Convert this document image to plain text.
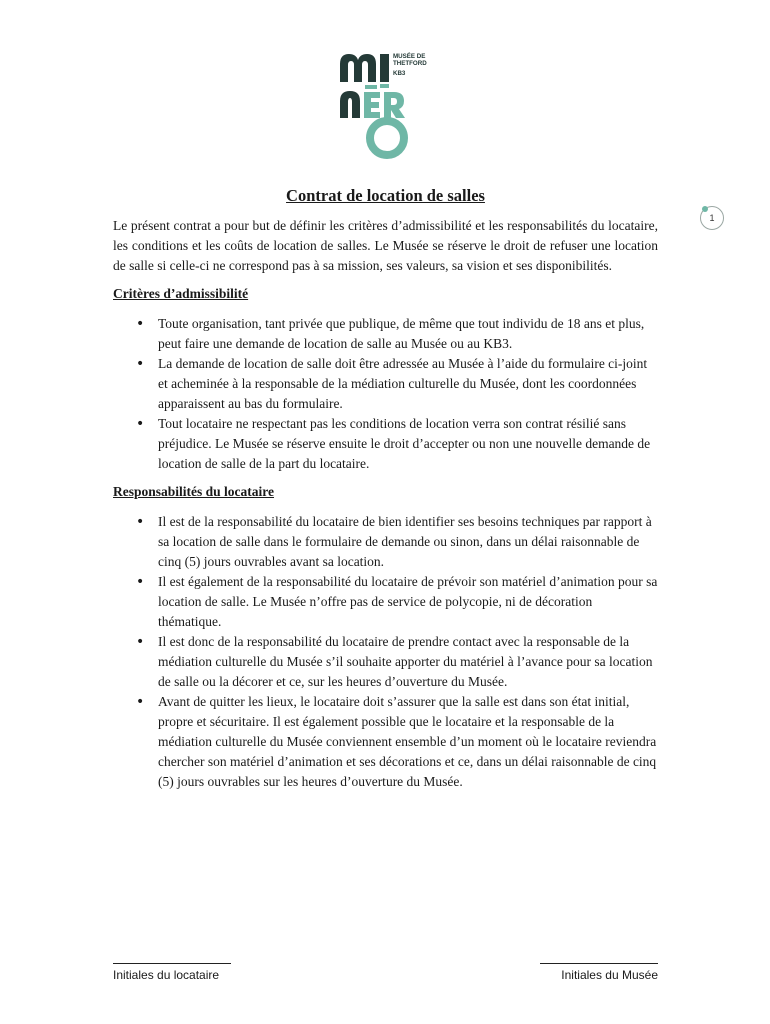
MUSÉE DE
THETFORD
KB3
1
Contrat de location de salles

Le présent contrat a pour but de définir les critères d’admissibilité et les responsabilités du locataire, les conditions et les coûts de location de salles. Le Musée se réserve le droit de refuser une location de salle si celle-ci ne correspond pas à sa mission, ses valeurs, sa vision et ses disponibilités.

Critères d’admissibilité

• Toute organisation, tant privée que publique, de même que tout individu de 18 ans et plus, peut faire une demande de location de salle au Musée ou au KB3.
• La demande de location de salle doit être adressée au Musée à l’aide du formulaire ci-joint et acheminée à la responsable de la médiation culturelle du Musée, dont les coordonnées apparaissent au bas du formulaire.
• Tout locataire ne respectant pas les conditions de location verra son contrat résilié sans préjudice. Le Musée se réserve ensuite le droit d’accepter ou non une nouvelle demande de location de salle de la part du locataire.

Responsabilités du locataire

• Il est de la responsabilité du locataire de bien identifier ses besoins techniques par rapport à sa location de salle dans le formulaire de demande ou sinon, dans un délai raisonnable de cinq (5) jours ouvrables avant sa location.
• Il est également de la responsabilité du locataire de prévoir son matériel d’animation pour sa location de salle. Le Musée n’offre pas de service de polycopie, ni de décoration thématique.
• Il est donc de la responsabilité du locataire de prendre contact avec la responsable de la médiation culturelle du Musée s’il souhaite apporter du matériel à l’avance pour sa location de salle ou la décorer et ce, sur les heures d’ouverture du Musée.
• Avant de quitter les lieux, le locataire doit s’assurer que la salle est dans son état initial, propre et sécuritaire. Il est également possible que le locataire et la responsable de la médiation culturelle du Musée conviennent ensemble d’un moment où le locataire reviendra chercher son matériel d’animation et ses décorations et ce, dans un délai raisonnable de cinq (5) jours ouvrables sur les heures d’ouverture du Musée.
Initiales du locataire	Initiales du Musée
